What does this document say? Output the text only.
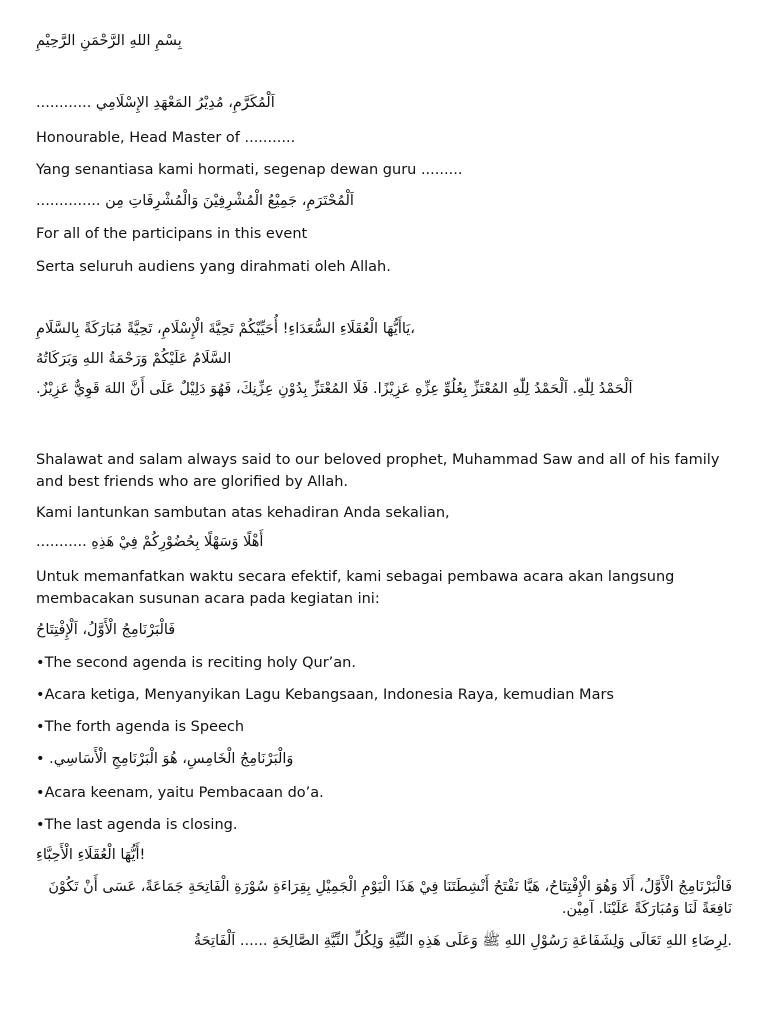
بِسْمِ اللهِ الرَّحْمَنِ الرَّحِيْمِ

اَلْمُكَرَّمِ، مُدِيْرُ المَعْهَدِ الإِسْلَامِي ............

Honourable, Head Master of ...........

Yang senantiasa kami hormati, segenap dewan guru .........

اَلْمُحْتَرَمِ، جَمِيْعُ الْمُشْرِفِيْنَ وَالْمُشْرِفَاتِ مِن ..............

For all of the participans in this event

Serta seluruh audiens yang dirahmati oleh Allah.

،يَاأَيُّهَا الْعُقَلَاءِ السُّعَدَاءِ! أُحَيِّيْكُمْ تَحِيَّةَ الْإِسْلَامِ، تَحِيَّةً مُبَارَكَةً بِالسَّلَامِ

السَّلَامُ عَلَيْكُمْ وَرَحْمَةُ اللهِ وَبَرَكَاتُهُ

اَلْحَمْدُ لِلّٰهِ. اَلْحَمْدُ لِلّٰهِ المُعْتَزِّ بِعُلُوِّ عِزِّهِ عَزِيْزًا. فَلَا المُعْتَزِّ بِدُوْنِ عِزِّنِكَ، فَهُوَ دَلِيْلٌ عَلَى أَنَّ اللهَ قَوِيٌّ عَزِيْزٌ.

Shalawat and salam always said to our beloved prophet, Muhammad Saw and all of his family and best friends who are glorified by Allah.

Kami lantunkan sambutan atas kehadiran Anda sekalian,

أَهْلًا وَسَهْلًا بِحُضُوْرِكُمْ فِيْ هَذِهِ ...........

Untuk memanfatkan waktu secara efektif, kami sebagai pembawa acara akan langsung membacakan susunan acara pada kegiatan ini:

فَالْبَرْنَامِجُ الْأَوَّلُ، اَلْإِفْتِتَاحُ

• The second agenda is reciting holy Qur’an.

• Acara ketiga, Menyanyikan Lagu Kebangsaan, Indonesia Raya, kemudian Mars

• The forth agenda is Speech

وَالْبَرْنَامِجُ الْخَامِسِ، هُوَ الْبَرْنَامِجِ الْأَسَاسِي. •

• Acara keenam, yaitu Pembacaan do’a.

• The last agenda is closing.

!أَيُّهَا الْعُقَلَاءِ الْأَحِبَّاءِ

فَالْبَرْنَامِجُ الْأَوَّلُ، أَلَا وَهُوَ الْإِفْتِتَاحُ، هَيَّا نَفْتَحُ أَنْشِطَتَنَا فِيْ هَذَا الْيَوْمِ الْجَمِيْلِ بِقِرَاءَةِ سُوْرَةِ الْفَاتِحَةِ جَمَاعَةً، عَسَى أَنْ تَكُوْنَ نَافِعَةً لَنَا وَمُبَارَكَةً عَلَيْنَا. آمِيْن.

.لِرِضَاءِ اللهِ تَعَالَى وَلِشَفَاعَةِ رَسُوْلِ اللهِ ﷺ وَعَلَى هَذِهِ النِّيَّةِ وَلِكُلِّ النِّيَّةِ الصَّالِحَةِ ...... اَلْفَاتِحَةُ
